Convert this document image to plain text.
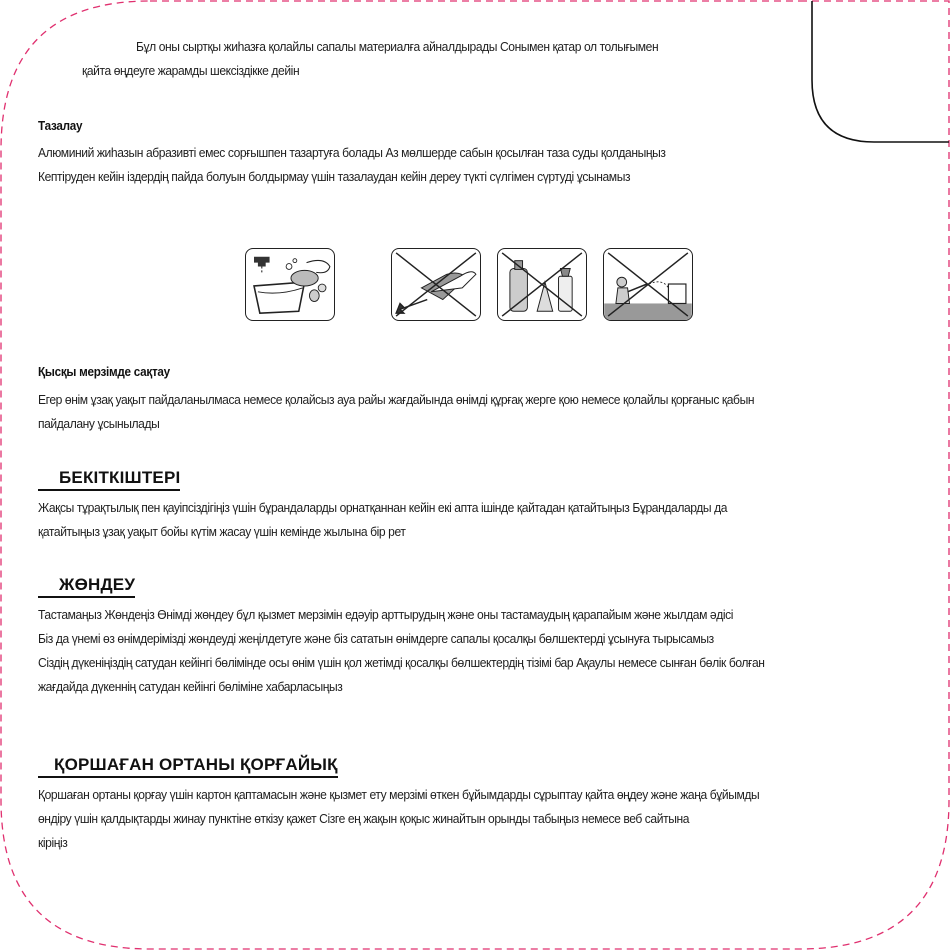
Бұл оны сыртқы жиһазға қолайлы сапалы материалға айналдырады Сонымен қатар ол толығымен
қайта өңдеуге жарамды шексіздікке дейін
Тазалау
Алюминий жиһазын абразивті емес сорғышпен тазартуға болады Аз мөлшерде сабын қосылған таза суды қолданыңыз
Кептіруден кейін іздердің пайда болуын болдырмау үшін тазалаудан кейін дереу түкті сүлгімен сүртуді ұсынамыз
Қысқы мерзімде сақтау
Егер өнім ұзақ уақыт пайдаланылмаса немесе қолайсыз ауа райы жағдайында өнімді құрғақ жерге қою немесе қолайлы қорғаныс қабын
пайдалану ұсынылады
БЕКІТКІШТЕРІ
Жақсы тұрақтылық пен қауіпсіздігіңіз үшін бұрандаларды орнатқаннан кейін екі апта ішінде қайтадан қатайтыңыз Бұрандаларды да
қатайтыңыз ұзақ уақыт бойы күтім жасау үшін кемінде жылына бір рет
ЖӨНДЕУ
Тастамаңыз Жөндеңіз Өнімді жөндеу бұл қызмет мерзімін едәуір арттырудың және оны тастамаудың қарапайым және жылдам әдісі
Біз да үнемі өз өнімдерімізді жөндеуді жеңілдетуге және біз сататын өнімдерге сапалы қосалқы бөлшектерді ұсынуға тырысамыз
Сіздің дүкеніңіздің сатудан кейінгі бөлімінде осы өнім үшін қол жетімді қосалқы бөлшектердің тізімі бар Ақаулы немесе сынған бөлік болған
жағдайда дүкеннің сатудан кейінгі бөліміне хабарласыңыз
ҚОРШАҒАН ОРТАНЫ ҚОРҒАЙЫҚ
Қоршаған ортаны қорғау үшін картон қаптамасын және қызмет ету мерзімі өткен бұйымдарды сұрыптау қайта өңдеу және жаңа бұйымды
өндіру үшін қалдықтарды жинау пунктіне өткізу қажет Сізге ең жақын қоқыс жинайтын орынды табыңыз немесе веб сайтына
кіріңіз
